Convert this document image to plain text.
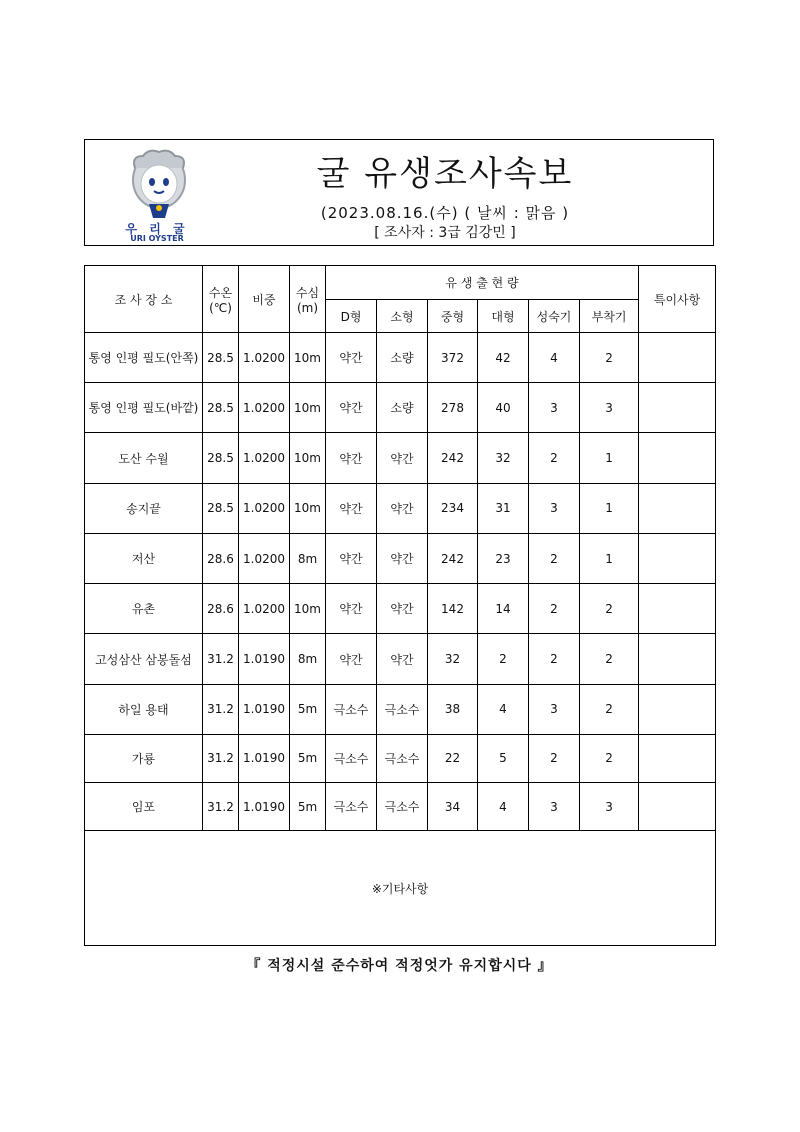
우 리 굴
URI OYSTER
굴 유생조사속보
(2023.08.16.(수) ( 날씨 : 맑음 )
[ 조사자 : 3급 김강민 ]
조 사 장 소	수온 (℃)	비중	수심 (m)	유 생 출 현 량						특이사항
				D형	소형	중형	대형	성숙기	부착기	
통영 인평 필도(안쪽)	28.5	1.0200	10m	약간	소량	372	42	4	2	
통영 인평 필도(바깥)	28.5	1.0200	10m	약간	소량	278	40	3	3	
도산 수월	28.5	1.0200	10m	약간	약간	242	32	2	1	
송지끝	28.5	1.0200	10m	약간	약간	234	31	3	1	
저산	28.6	1.0200	8m	약간	약간	242	23	2	1	
유촌	28.6	1.0200	10m	약간	약간	142	14	2	2	
고성삼산 삼봉돌섬	31.2	1.0190	8m	약간	약간	32	2	2	2	
하일 용태	31.2	1.0190	5m	극소수	극소수	38	4	3	2	
가룡	31.2	1.0190	5m	극소수	극소수	22	5	2	2	
임포	31.2	1.0190	5m	극소수	극소수	34	4	3	3	
※기타사항										
『 적정시설 준수하여 적정엇가 유지합시다 』
